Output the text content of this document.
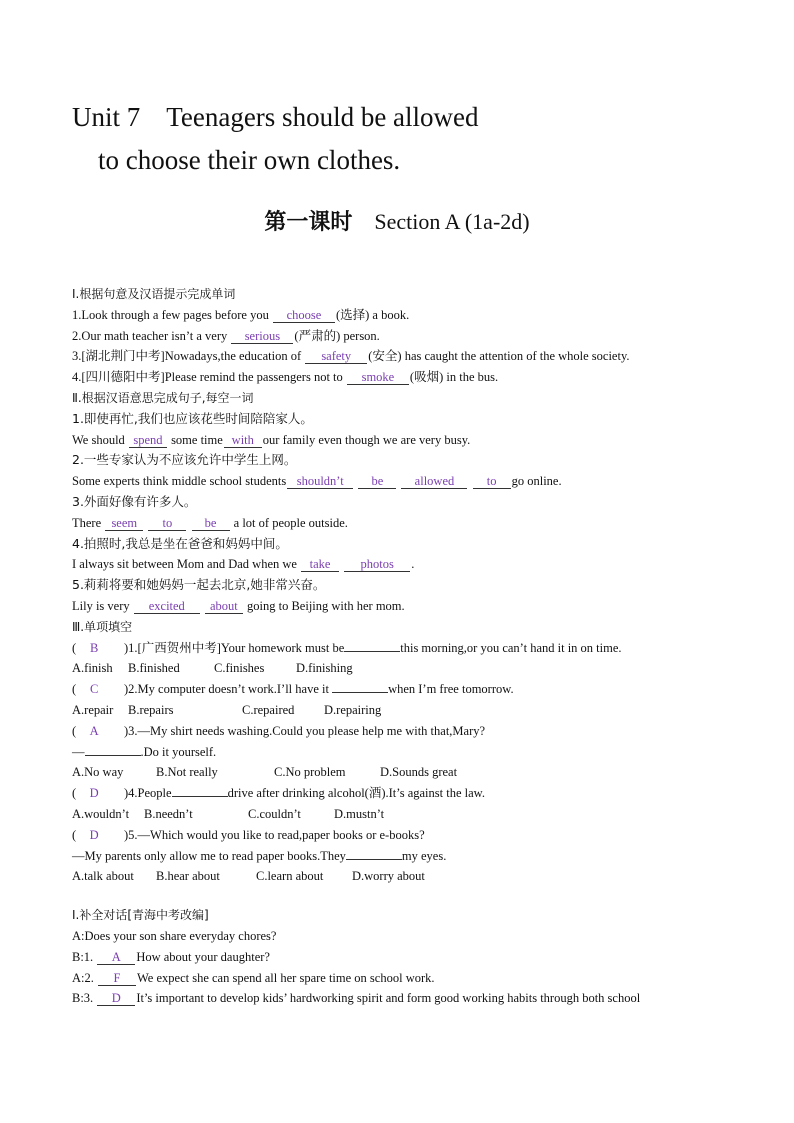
Unit 7 Teenagers should be allowed
to choose their own clothes.
第一课时 Section A (1a-2d)
Ⅰ.根据句意及汉语提示完成单词
1.Look through a few pages before you choose (选择) a book.
2.Our math teacher isn’t a very serious (严肃的) person.
3.[湖北荆门中考]Nowadays,the education of safety (安全) has caught the attention of the whole society.
4.[四川德阳中考]Please remind the passengers not to smoke (吸烟) in the bus.
Ⅱ.根据汉语意思完成句子,每空一词
1.即使再忙,我们也应该花些时间陪陪家人。
We should spend some time with our family even though we are very busy.
2.一些专家认为不应该允许中学生上网。
Some experts think middle school students shouldn’t be	allowed	to go online.
3.外面好像有许多人。
There seem to	be a lot of people outside.
4.拍照时,我总是坐在爸爸和妈妈中间。
I always sit between Mom and Dad when we take photos .
5.莉莉将要和她妈妈一起去北京,她非常兴奋。
Lily is very excited about going to Beijing with her mom.
Ⅲ.单项填空
( B )1.[广西贺州中考]Your homework must be	this morning,or you can’t hand it in on time.
A.finish B.finished	C.finishes	D.finishing
( C )2.My computer doesn’t work.I’ll have it	when I’m free tomorrow.
A.repair B.repairs	C.repaired D.repairing
( A )3.—My shirt needs washing.Could you please help me with that,Mary?
—	.Do it yourself.
A.No way	B.Not really	C.No problem	D.Sounds great
( D )4.People	drive after drinking alcohol(酒).It’s against the law.
A.wouldn’t B.needn’t	C.couldn’t	D.mustn’t
( D )5.—Which would you like to read,paper books or e-books?
—My parents only allow me to read paper books.They	my eyes.
A.talk about B.hear about	C.learn about D.worry about
Ⅰ.补全对话[青海中考改编]
A:Does your son share everyday chores?
B:1. A How about your daughter?
A:2. F We expect she can spend all her spare time on school work.
B:3. D It’s important to develop kids’ hardworking spirit and form good working habits through both school
